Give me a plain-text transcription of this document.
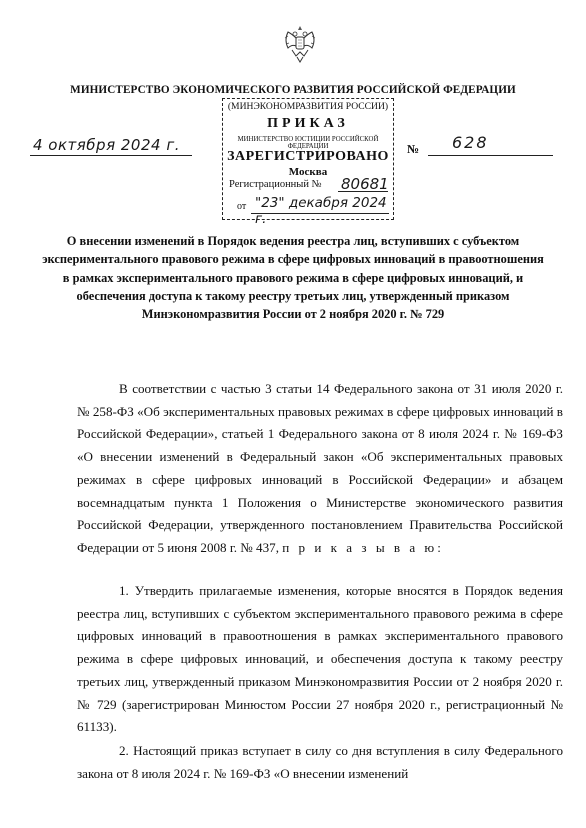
МИНИСТЕРСТВО ЭКОНОМИЧЕСКОГО РАЗВИТИЯ РОССИЙСКОЙ ФЕДЕРАЦИИ
(МИНЭКОНОМРАЗВИТИЯ РОССИИ)
ПРИКАЗ
МИНИСТЕРСТВО ЮСТИЦИИ РОССИЙСКОЙ ФЕДЕРАЦИИ
ЗАРЕГИСТРИРОВАНО
Москва
Регистрационный № 80681
от "23" декабря 2024 г.
4 октября 2024 г.	№ 628
О внесении изменений в Порядок ведения реестра лиц, вступивших с субъектом экспериментального правового режима в сфере цифровых инноваций в правоотношения в рамках экспериментального правового режима в сфере цифровых инноваций, и обеспечения доступа к такому реестру третьих лиц, утвержденный приказом Минэкономразвития России от 2 ноября 2020 г. № 729
В соответствии с частью 3 статьи 14 Федерального закона от 31 июля 2020 г. № 258-ФЗ «Об экспериментальных правовых режимах в сфере цифровых инноваций в Российской Федерации», статьей 1 Федерального закона от 8 июля 2024 г. № 169-ФЗ «О внесении изменений в Федеральный закон «Об экспериментальных правовых режимах в сфере цифровых инноваций в Российской Федерации» и абзацем восемнадцатым пункта 1 Положения о Министерстве экономического развития Российской Федерации, утвержденного постановлением Правительства Российской Федерации от 5 июня 2008 г. № 437, п р и к а з ы в а ю:
1. Утвердить прилагаемые изменения, которые вносятся в Порядок ведения реестра лиц, вступивших с субъектом экспериментального правового режима в сфере цифровых инноваций в правоотношения в рамках экспериментального правового режима в сфере цифровых инноваций, и обеспечения доступа к такому реестру третьих лиц, утвержденный приказом Минэкономразвития России от 2 ноября 2020 г. № 729 (зарегистрирован Минюстом России 27 ноября 2020 г., регистрационный № 61133).
2. Настоящий приказ вступает в силу со дня вступления в силу Федерального закона от 8 июля 2024 г. № 169-ФЗ «О внесении изменений
